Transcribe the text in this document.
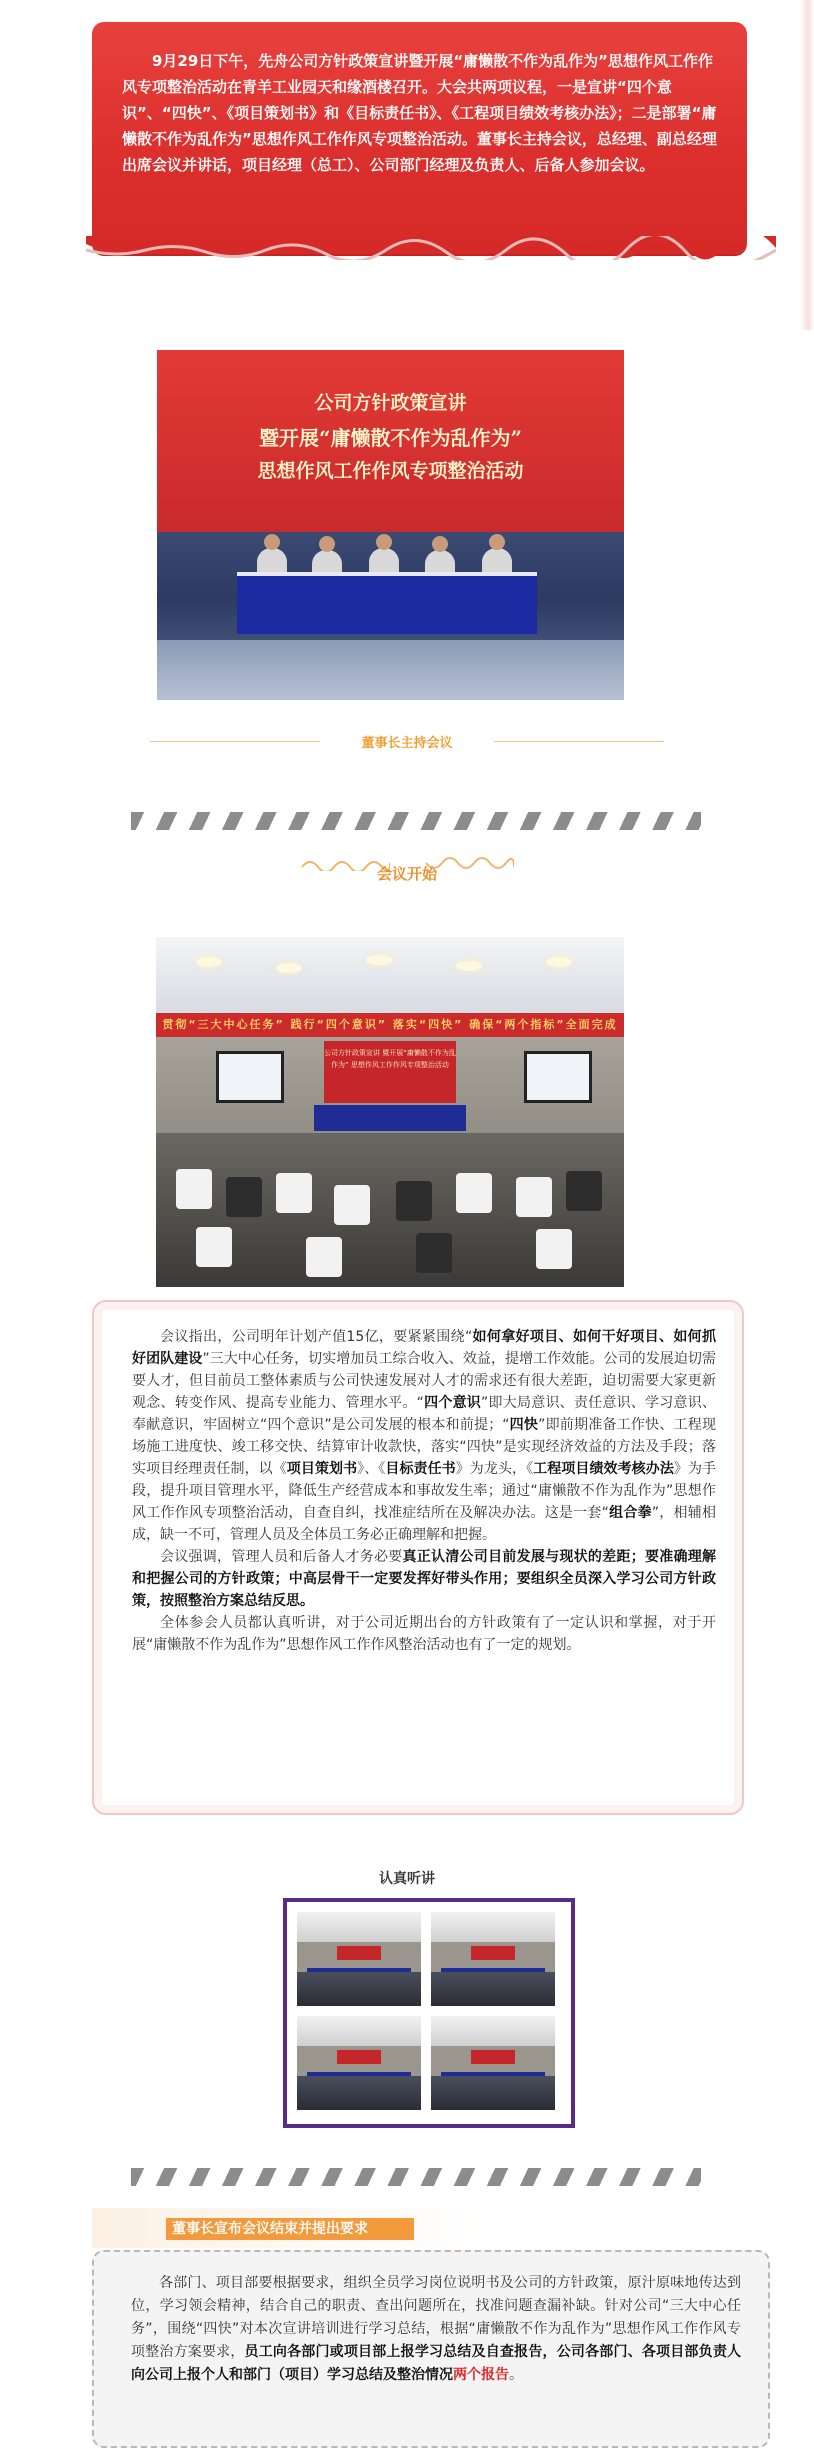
9月29日下午，先舟公司方针政策宣讲暨开展“庸懒散不作为乱作为”思想作风工作作风专项整治活动在青羊工业园天和缘酒楼召开。大会共两项议程，一是宣讲“四个意识”、“四快”、《项目策划书》和《目标责任书》、《工程项目绩效考核办法》；二是部署“庸懒散不作为乱作为”思想作风工作作风专项整治活动。董事长主持会议，总经理、副总经理出席会议并讲话，项目经理（总工）、公司部门经理及负责人、后备人参加会议。

公司方针政策宣讲
暨开展“庸懒散不作为乱作为”
思想作风工作作风专项整治活动
董事长主持会议
会议开始
贯彻“三大中心任务” 践行“四个意识” 落实“四快” 确保“两个指标”全面完成
公司方针政策宣讲 暨开展“庸懒散不作为乱作为” 思想作风工作作风专项整治活动

会议指出，公司明年计划产值15亿，要紧紧围绕“如何拿好项目、如何干好项目、如何抓好团队建设”三大中心任务，切实增加员工综合收入、效益，提增工作效能。公司的发展迫切需要人才，但目前员工整体素质与公司快速发展对人才的需求还有很大差距，迫切需要大家更新观念、转变作风、提高专业能力、管理水平。“四个意识”即大局意识、责任意识、学习意识、奉献意识，牢固树立“四个意识”是公司发展的根本和前提；“四快”即前期准备工作快、工程现场施工进度快、竣工移交快、结算审计收款快，落实“四快”是实现经济效益的方法及手段；落实项目经理责任制，以《项目策划书》、《目标责任书》为龙头，《工程项目绩效考核办法》为手段，提升项目管理水平，降低生产经营成本和事故发生率；通过“庸懒散不作为乱作为”思想作风工作作风专项整治活动，自查自纠，找准症结所在及解决办法。这是一套“组合拳”，相辅相成，缺一不可，管理人员及全体员工务必正确理解和把握。

会议强调，管理人员和后备人才务必要真正认清公司目前发展与现状的差距；要准确理解和把握公司的方针政策；中高层骨干一定要发挥好带头作用；要组织全员深入学习公司方针政策，按照整治方案总结反思。

全体参会人员都认真听讲，对于公司近期出台的方针政策有了一定认识和掌握，对于开展“庸懒散不作为乱作为”思想作风工作作风整治活动也有了一定的规划。

认真听讲
董事长宣布会议结束并提出要求
各部门、项目部要根据要求，组织全员学习岗位说明书及公司的方针政策，原汁原味地传达到位，学习领会精神，结合自己的职责、查出问题所在，找准问题查漏补缺。针对公司“三大中心任务”，围绕“四快”对本次宣讲培训进行学习总结，根据“庸懒散不作为乱作为”思想作风工作作风专项整治方案要求，员工向各部门或项目部上报学习总结及自查报告，公司各部门、各项目部负责人向公司上报个人和部门（项目）学习总结及整治情况两个报告。
